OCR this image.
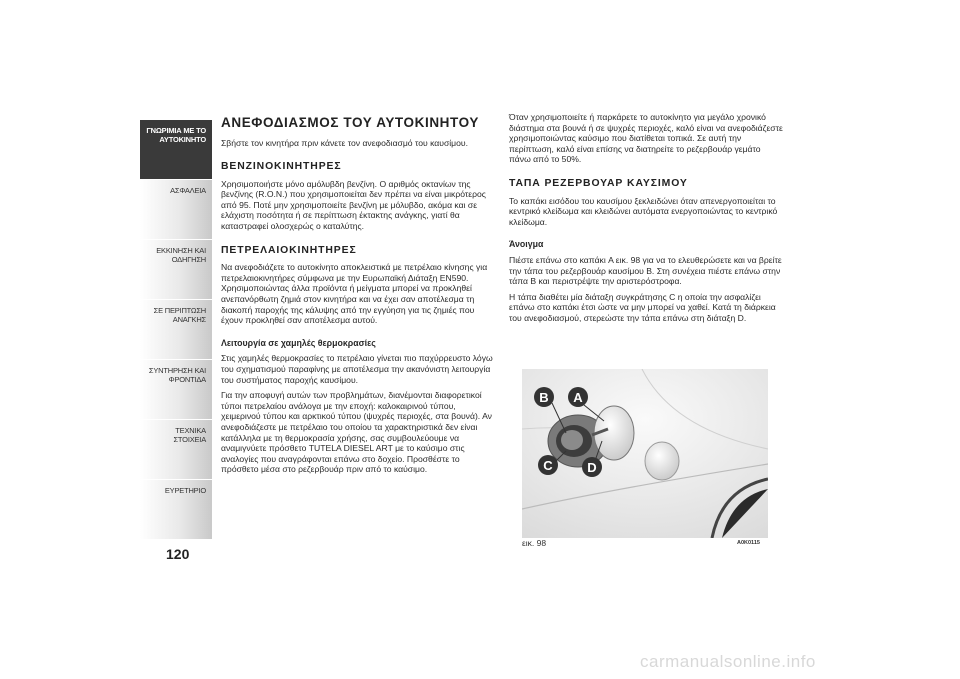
ΓΝΩΡΙΜΙΑ ΜΕ ΤΟ ΑΥΤΟΚΙΝΗΤΟ
ΑΣΦΑΛΕΙΑ
ΕΚΚΙΝΗΣΗ ΚΑΙ ΟΔΗΓΗΣΗ
ΣΕ ΠΕΡΙΠΤΩΣΗ ΑΝΑΓΚΗΣ
ΣΥΝΤΗΡΗΣΗ ΚΑΙ ΦΡΟΝΤΙΔΑ
ΤΕΧΝΙΚΑ ΣΤΟΙΧΕΙΑ
ΕΥΡΕΤΗΡΙΟ
120
ΑΝΕΦΟΔΙΑΣΜΟΣ ΤΟΥ ΑΥΤΟΚΙΝΗΤΟΥ
Σβήστε τον κινητήρα πριν κάνετε τον ανεφοδιασμό του καυσίμου.
ΒΕΝΖΙΝΟΚΙΝΗΤΗΡΕΣ
Χρησιμοποιήστε μόνο αμόλυβδη βενζίνη. Ο αριθμός οκτανίων της βενζίνης (R.O.N.) που χρησιμοποιείται δεν πρέπει να είναι μικρότερος από 95. Ποτέ μην χρησιμοποιείτε βενζίνη με μόλυβδο, ακόμα και σε ελάχιστη ποσότητα ή σε περίπτωση έκτακτης ανάγκης, γιατί θα καταστραφεί ολοσχερώς ο καταλύτης.
ΠΕΤΡΕΛΑΙΟΚΙΝΗΤΗΡΕΣ
Να ανεφοδιάζετε το αυτοκίνητο αποκλειστικά με πετρέλαιο κίνησης για πετρελαιοκινητήρες σύμφωνα με την Ευρωπαϊκή Διάταξη EN590. Χρησιμοποιώντας άλλα προϊόντα ή μείγματα μπορεί να προκληθεί ανεπανόρθωτη ζημιά στον κινητήρα και να έχει σαν αποτέλεσμα τη διακοπή παροχής της κάλυψης από την εγγύηση για τις ζημιές που έχουν προκληθεί σαν αποτέλεσμα αυτού.
Λειτουργία σε χαμηλές θερμοκρασίες
Στις χαμηλές θερμοκρασίες το πετρέλαιο γίνεται πιο παχύρρευστο λόγω του σχηματισμού παραφίνης με αποτέλεσμα την ακανόνιστη λειτουργία του συστήματος παροχής καυσίμου.
Για την αποφυγή αυτών των προβλημάτων, διανέμονται διαφορετικοί τύποι πετρελαίου ανάλογα με την εποχή: καλοκαιρινού τύπου, χειμερινού τύπου και αρκτικού τύπου (ψυχρές περιοχές, στα βουνά). Αν ανεφοδιάζεστε με πετρέλαιο του οποίου τα χαρακτηριστικά δεν είναι κατάλληλα με τη θερμοκρασία χρήσης, σας συμβουλεύουμε να αναμιγνύετε πρόσθετο TUTELA DIESEL ART με το καύσιμο στις αναλογίες που αναγράφονται επάνω στο δοχείο. Προσθέστε το πρόσθετο μέσα στο ρεζερβουάρ πριν από το καύσιμο.
Όταν χρησιμοποιείτε ή παρκάρετε το αυτοκίνητο για μεγάλο χρονικό διάστημα στα βουνά ή σε ψυχρές περιοχές, καλό είναι να ανεφοδιάζεστε χρησιμοποιώντας καύσιμο που διατίθεται τοπικά. Σε αυτή την περίπτωση, καλό είναι επίσης να διατηρείτε το ρεζερβουάρ γεμάτο πάνω από το 50%.
ΤΑΠΑ ΡΕΖΕΡΒΟΥΑΡ ΚΑΥΣΙΜΟΥ
Το καπάκι εισόδου του καυσίμου ξεκλειδώνει όταν απενεργοποιείται το κεντρικό κλείδωμα και κλειδώνει αυτόματα ενεργοποιώντας το κεντρικό κλείδωμα.
Άνοιγμα
Πιέστε επάνω στο καπάκι A εικ. 98 για να το ελευθερώσετε και να βρείτε την τάπα του ρεζερβουάρ καυσίμου B. Στη συνέχεια πιέστε επάνω στην τάπα B και περιστρέψτε την αριστερόστροφα.
Η τάπα διαθέτει μία διάταξη συγκράτησης C η οποία την ασφαλίζει επάνω στο καπάκι έτσι ώστε να μην μπορεί να χαθεί. Κατά τη διάρκεια του ανεφοδιασμού, στερεώστε την τάπα επάνω στη διάταξη D.
B A
C	D
εικ. 98	A0K0115
carmanualsonline.info
